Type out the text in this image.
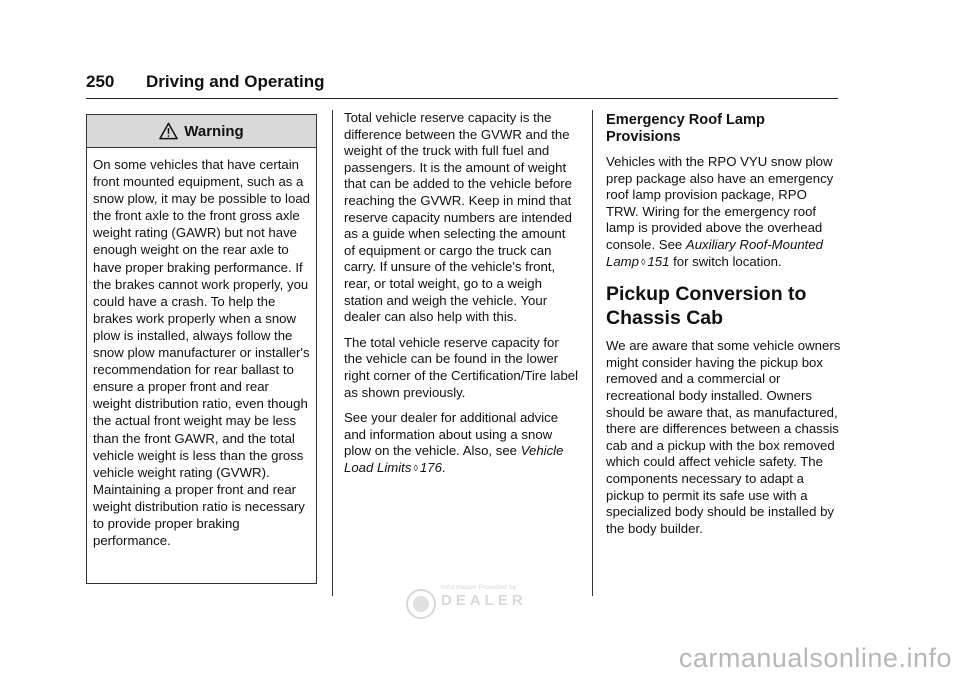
250 Driving and Operating
Warning
On some vehicles that have certain front mounted equipment, such as a snow plow, it may be possible to load the front axle to the front gross axle weight rating (GAWR) but not have enough weight on the rear axle to have proper braking performance. If the brakes cannot work properly, you could have a crash. To help the brakes work properly when a snow plow is installed, always follow the snow plow manufacturer or installer's recommendation for rear ballast to ensure a proper front and rear weight distribution ratio, even though the actual front weight may be less than the front GAWR, and the total vehicle weight is less than the gross vehicle weight rating (GVWR). Maintaining a proper front and rear weight distribution ratio is necessary to provide proper braking performance.

Total vehicle reserve capacity is the difference between the GVWR and the weight of the truck with full fuel and passengers. It is the amount of weight that can be added to the vehicle before reaching the GVWR. Keep in mind that reserve capacity numbers are intended as a guide when selecting the amount of equipment or cargo the truck can carry. If unsure of the vehicle's front, rear, or total weight, go to a weigh station and weigh the vehicle. Your dealer can also help with this.

The total vehicle reserve capacity for the vehicle can be found in the lower right corner of the Certification/Tire label as shown previously.

See your dealer for additional advice and information about using a snow plow on the vehicle. Also, see Vehicle Load Limits ◊ 176.

Emergency Roof Lamp Provisions

Vehicles with the RPO VYU snow plow prep package also have an emergency roof lamp provision package, RPO TRW. Wiring for the emergency roof lamp is provided above the overhead console. See Auxiliary Roof-Mounted Lamp ◊ 151 for switch location.

Pickup Conversion to Chassis Cab

We are aware that some vehicle owners might consider having the pickup box removed and a commercial or recreational body installed. Owners should be aware that, as manufactured, there are differences between a chassis cab and a pickup with the box removed which could affect vehicle safety. The components necessary to adapt a pickup to permit its safe use with a specialized body should be installed by the body builder.

Information Provided by:
DEALER
carmanualsonline.info
